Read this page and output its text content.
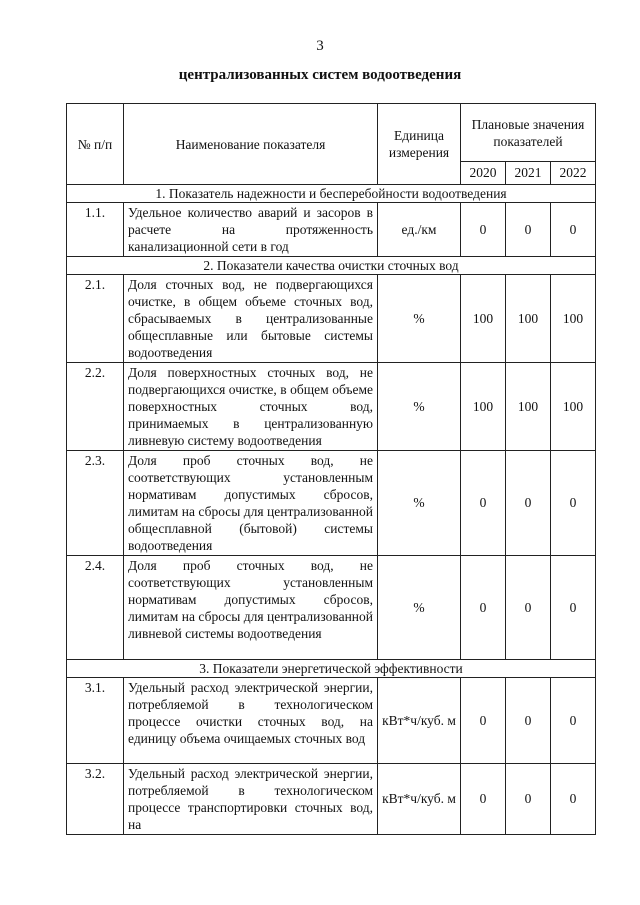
3
централизованных систем водоотведения
№ п/п	Наименование показателя	Единица измерения	Плановые значения показателей		
			2020	2021	2022
1. Показатель надежности и бесперебойности водоотведения					
1.1.	Удельное количество аварий и засоров в расчете на протяженность канализационной сети в год	ед./км	0	0	0
2. Показатели качества очистки сточных вод					
2.1.	Доля сточных вод, не подвергающихся очистке, в общем объеме сточных вод, сбрасываемых в централизованные общесплавные или бытовые системы водоотведения	%	100	100	100
2.2.	Доля поверхностных сточных вод, не подвергающихся очистке, в общем объеме поверхностных сточных вод, принимаемых в централизованную ливневую систему водоотведения	%	100	100	100
2.3.	Доля проб сточных вод, не соответствующих установленным нормативам допустимых сбросов, лимитам на сбросы для централизованной общесплавной (бытовой) системы водоотведения	%	0	0	0
2.4.	Доля проб сточных вод, не соответствующих установленным нормативам допустимых сбросов, лимитам на сбросы для централизованной ливневой системы водоотведения	%	0	0	0
3. Показатели энергетической эффективности					
3.1.	Удельный расход электрической энергии, потребляемой в технологическом процессе очистки сточных вод, на единицу объема очищаемых сточных вод	кВт*ч/куб. м	0	0	0
3.2.	Удельный расход электрической энергии, потребляемой в технологическом процессе транспортировки сточных вод, на	кВт*ч/куб. м	0	0	0
